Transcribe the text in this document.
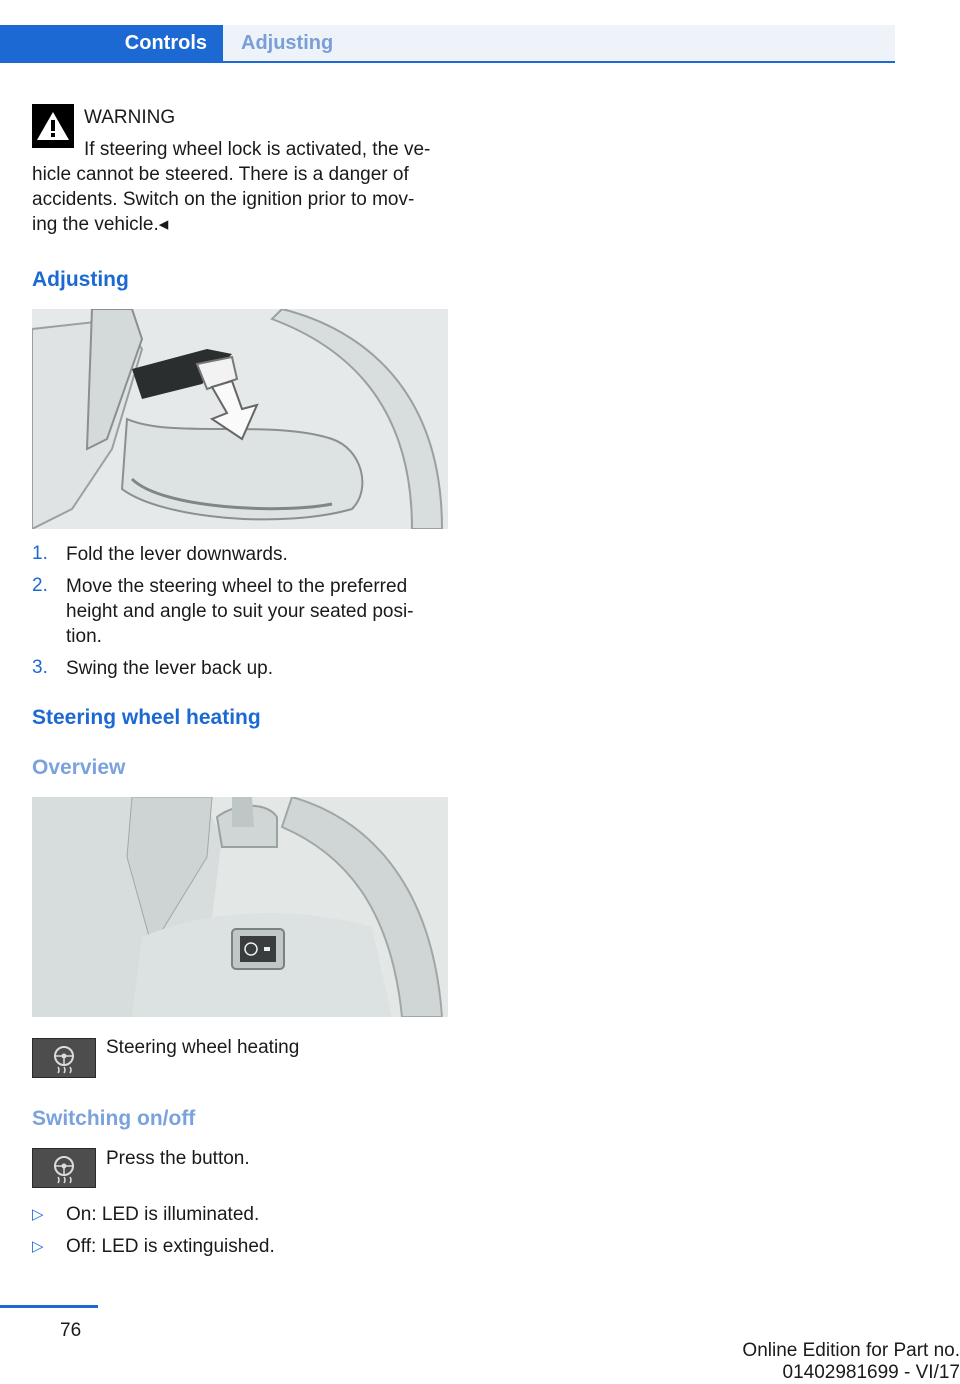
Controls	Adjusting
WARNING
If steering wheel lock is activated, the ve-
hicle cannot be steered. There is a danger of
accidents. Switch on the ignition prior to mov-
ing the vehicle.◂
Adjusting
1. Fold the lever downwards.
2. Move the steering wheel to the preferred
height and angle to suit your seated posi-
tion.
3. Swing the lever back up.
Steering wheel heating
Overview
Steering wheel heating
Switching on/off
Press the button.
▷ On: LED is illuminated.
▷ Off: LED is extinguished.
76
Online Edition for Part no. 01402981699 - VI/17
